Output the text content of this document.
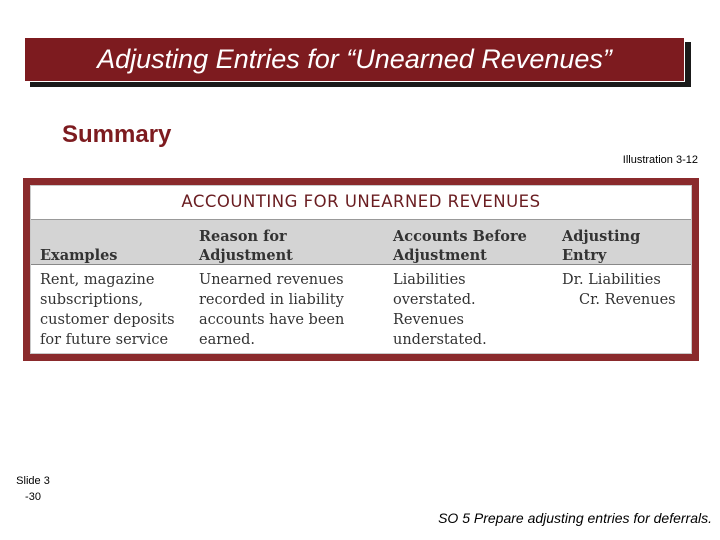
Adjusting Entries for “Unearned Revenues”
Summary
Illustration 3-12
ACCOUNTING FOR UNEARNED REVENUES

Examples
Reason for
Adjustment
Accounts Before
Adjustment
Adjusting
Entry
Rent, magazine
subscriptions,
customer deposits
for future service
Unearned revenues
recorded in liability
accounts have been
earned.
Liabilities
overstated.
Revenues
understated.
Dr. Liabilities
Cr. Revenues
Slide 3
-30
SO 5 Prepare adjusting entries for deferrals.
